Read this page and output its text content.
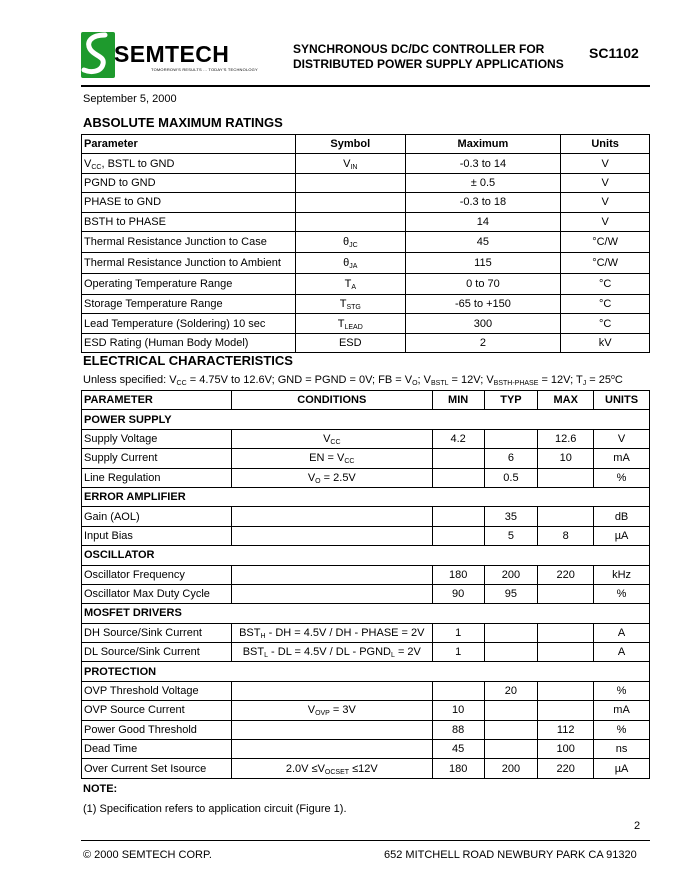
SEMTECH
TOMORROW'S RESULTS ... TODAY'S TECHNOLOGY
SYNCHRONOUS DC/DC CONTROLLER FOR
DISTRIBUTED POWER SUPPLY APPLICATIONS
SC1102
September 5, 2000
ABSOLUTE MAXIMUM RATINGS
Parameter	Symbol	Maximum	Units
$V_{CC}$, BSTL to GND	$V_{IN}$	-0.3 to 14	V
PGND to GND		± 0.5	V
PHASE to GND		-0.3 to 18	V
BSTH to PHASE		14	V
Thermal Resistance Junction to Case	$\theta_{JC}$	45	°C/W
Thermal Resistance Junction to Ambient	$\theta_{JA}$	115	°C/W
Operating Temperature Range	$T_A$	0 to 70	°C
Storage Temperature Range	$T_{STG}$	-65 to +150	°C
Lead Temperature (Soldering) 10 sec	$T_{LEAD}$	300	°C
ESD Rating (Human Body Model)	ESD	2	kV
ELECTRICAL CHARACTERISTICS
Unless specified: $V_{CC} = 4.75V$ to 12.6V; GND = PGND = 0V; FB = $V_O$; $V_{BSTL} = 12V$; $V_{BSTH-PHASE} = 12V$; $T_J = 25^oC$
PARAMETER	CONDITIONS	MIN	TYP	MAX	UNITS
POWER SUPPLY					
Supply Voltage	$V_{CC}$	4.2		12.6	V
Supply Current	EN = $V_{CC}$		6	10	mA
Line Regulation	$V_O = 2.5V$		0.5		%
ERROR AMPLIFIER					
Gain (AOL)			35		dB
Input Bias			5	8	µA
OSCILLATOR					
Oscillator Frequency		180	200	220	kHz
Oscillator Max Duty Cycle		90	95		%
MOSFET DRIVERS					
DH Source/Sink Current	$BST_H$ - DH = 4.5V / DH - PHASE = 2V	1			A
DL Source/Sink Current	$BST_L$ - DL = 4.5V / DL - $PGND_L = 2V$	1			A
PROTECTION					
OVP Threshold Voltage			20		%
OVP Source Current	$V_{OVP} = 3V$	10			mA
Power Good Threshold		88		112	%
Dead Time		45		100	ns
Over Current Set Isource	$2.0V \le V_{OCSET} \le 12V$	180	200	220	µA
NOTE:
(1) Specification refers to application circuit (Figure 1).
2
© 2000 SEMTECH CORP.	652 MITCHELL ROAD NEWBURY PARK CA 91320
